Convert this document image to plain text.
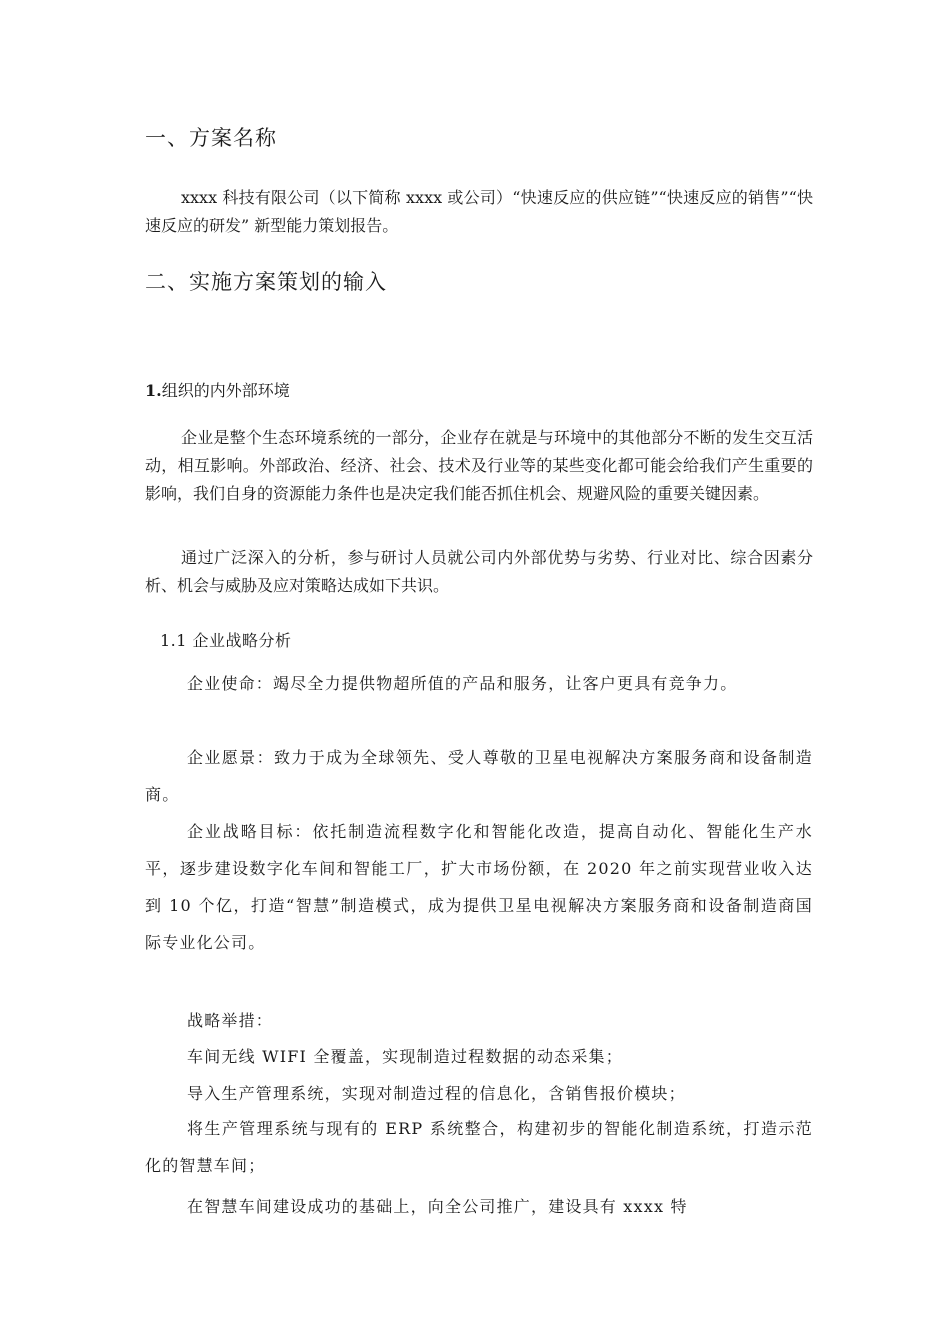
一、方案名称

xxxx 科技有限公司（以下简称 xxxx 或公司）“快速反应的供应链”“快速反应的销售”“快速反应的研发” 新型能力策划报告。

二、实施方案策划的输入

1.组织的内外部环境

企业是整个生态环境系统的一部分，企业存在就是与环境中的其他部分不断的发生交互活动，相互影响。外部政治、经济、社会、技术及行业等的某些变化都可能会给我们产生重要的影响，我们自身的资源能力条件也是决定我们能否抓住机会、规避风险的重要关键因素。

通过广泛深入的分析，参与研讨人员就公司内外部优势与劣势、行业对比、综合因素分析、机会与威胁及应对策略达成如下共识。

1.1 企业战略分析

企业使命：竭尽全力提供物超所值的产品和服务，让客户更具有竞争力。

企业愿景：致力于成为全球领先、受人尊敬的卫星电视解决方案服务商和设备制造商。

企业战略目标：依托制造流程数字化和智能化改造，提高自动化、智能化生产水平，逐步建设数字化车间和智能工厂，扩大市场份额，在 2020 年之前实现营业收入达到 10 个亿，打造“智慧”制造模式，成为提供卫星电视解决方案服务商和设备制造商国际专业化公司。

战略举措：

车间无线 WIFI 全覆盖，实现制造过程数据的动态采集；

导入生产管理系统，实现对制造过程的信息化，含销售报价模块；

将生产管理系统与现有的 ERP 系统整合，构建初步的智能化制造系统，打造示范化的智慧车间；

在智慧车间建设成功的基础上，向全公司推广，建设具有 xxxx 特
